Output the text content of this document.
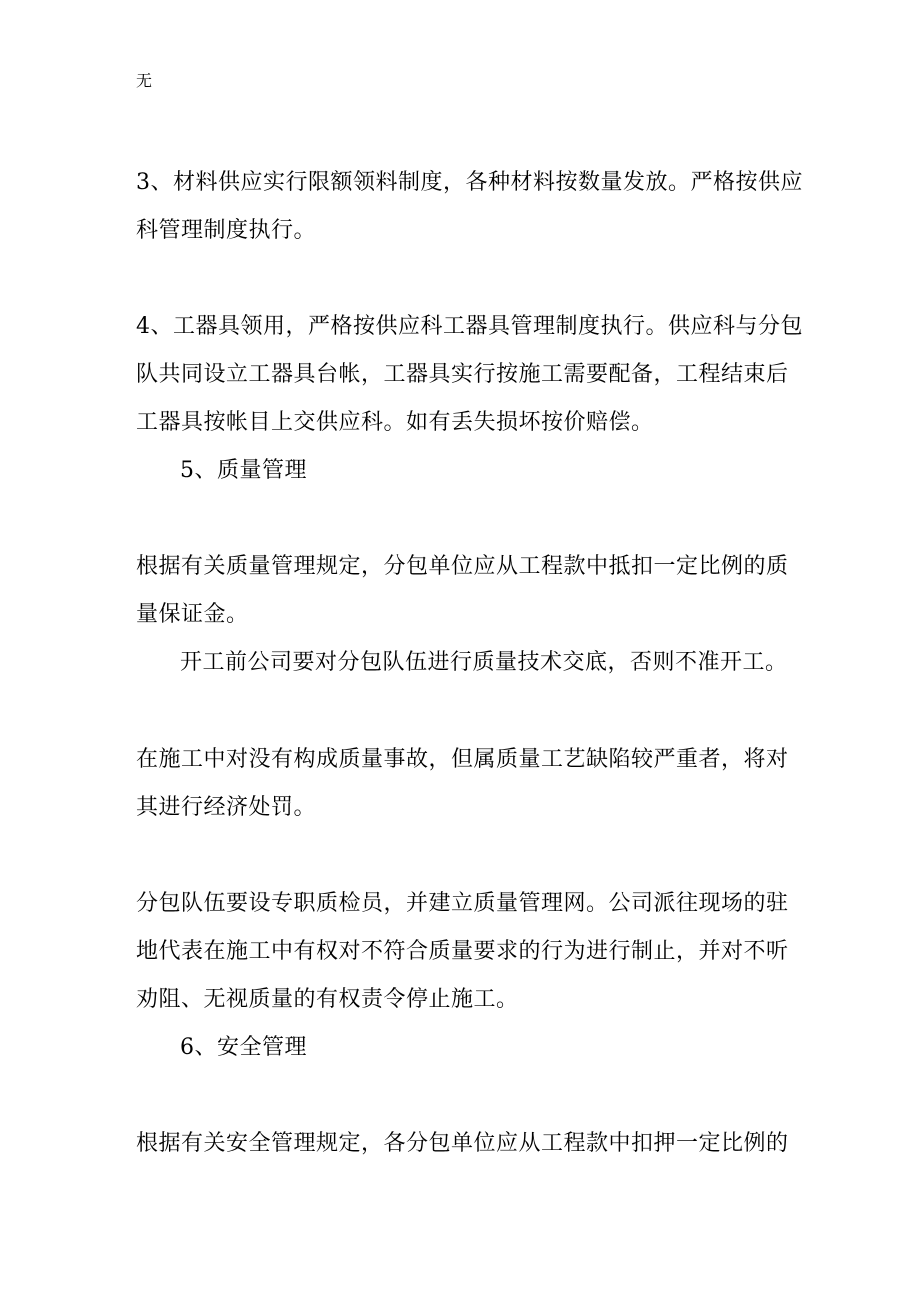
无
3、材料供应实行限额领料制度，各种材料按数量发放。严格按供应
科管理制度执行。
4、工器具领用，严格按供应科工器具管理制度执行。供应科与分包
队共同设立工器具台帐，工器具实行按施工需要配备，工程结束后
工器具按帐目上交供应科。如有丢失损坏按价赔偿。
5、质量管理
根据有关质量管理规定，分包单位应从工程款中抵扣一定比例的质
量保证金。
开工前公司要对分包队伍进行质量技术交底，否则不准开工。
在施工中对没有构成质量事故，但属质量工艺缺陷较严重者，将对
其进行经济处罚。
分包队伍要设专职质检员，并建立质量管理网。公司派往现场的驻
地代表在施工中有权对不符合质量要求的行为进行制止，并对不听
劝阻、无视质量的有权责令停止施工。
6、安全管理
根据有关安全管理规定，各分包单位应从工程款中扣押一定比例的
